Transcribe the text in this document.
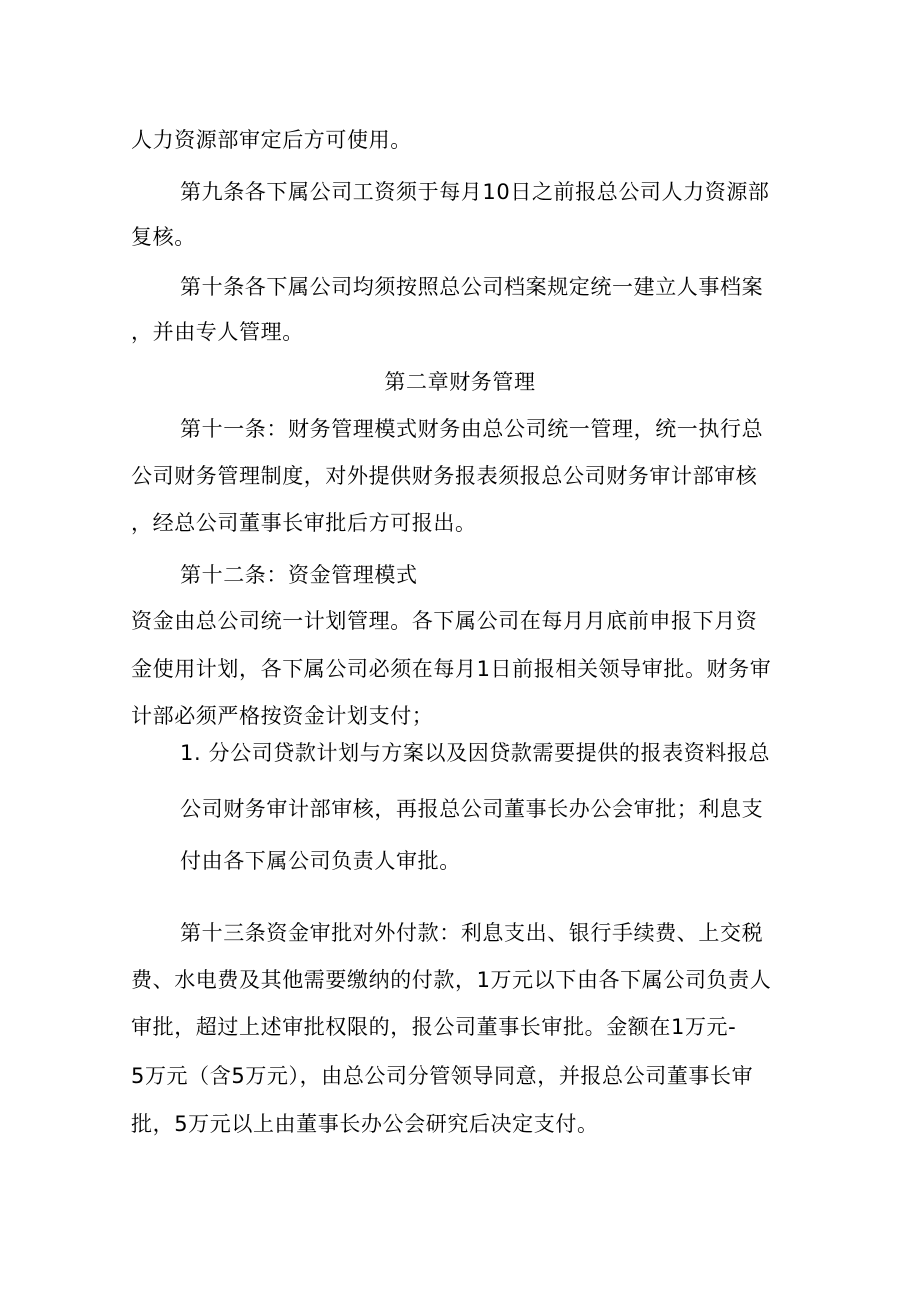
人力资源部审定后方可使用。
第九条各下属公司工资须于每月10日之前报总公司人力资源部
复核。
第十条各下属公司均须按照总公司档案规定统一建立人事档案
，并由专人管理。
第二章财务管理
第十一条：财务管理模式财务由总公司统一管理，统一执行总
公司财务管理制度，对外提供财务报表须报总公司财务审计部审核
，经总公司董事长审批后方可报出。
第十二条：资金管理模式
资金由总公司统一计划管理。各下属公司在每月月底前申报下月资
金使用计划，各下属公司必须在每月1日前报相关领导审批。财务审
计部必须严格按资金计划支付；
1. 分公司贷款计划与方案以及因贷款需要提供的报表资料报总
公司财务审计部审核，再报总公司董事长办公会审批；利息支
付由各下属公司负责人审批。
第十三条资金审批对外付款：利息支出、银行手续费、上交税
费、水电费及其他需要缴纳的付款，1万元以下由各下属公司负责人
审批，超过上述审批权限的，报公司董事长审批。金额在1万元-
5万元（含5万元），由总公司分管领导同意，并报总公司董事长审
批，5万元以上由董事长办公会研究后决定支付。
